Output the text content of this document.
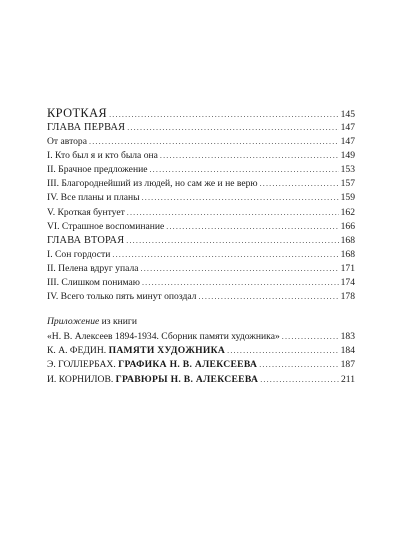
КРОТКАЯ .....	145
ГЛАВА ПЕРВАЯ .....	147
От автора .....	147
I. Кто был я и кто была она .....	149
II. Брачное предложение .....	153
III. Благороднейший из людей, но сам же и не верю .....	157
IV. Все планы и планы .....	159
V. Кроткая бунтует .....	162
VI. Страшное воспоминание .....	166
ГЛАВА ВТОРАЯ .....	168
I. Сон гордости .....	168
II. Пелена вдруг упала .....	171
III. Слишком понимаю .....	174
IV. Всего только пять минут опоздал .....	178
Приложение из книги
«Н. В. Алексеев 1894-1934. Сборник памяти художника» .....	183
К. А. ФЕДИН. ПАМЯТИ ХУДОЖНИКА .....	184
Э. ГОЛЛЕРБАХ. ГРАФИКА Н. В. АЛЕКСЕЕВА .....	187
И. КОРНИЛОВ. ГРАВЮРЫ Н. В. АЛЕКСЕЕВА .....	211
